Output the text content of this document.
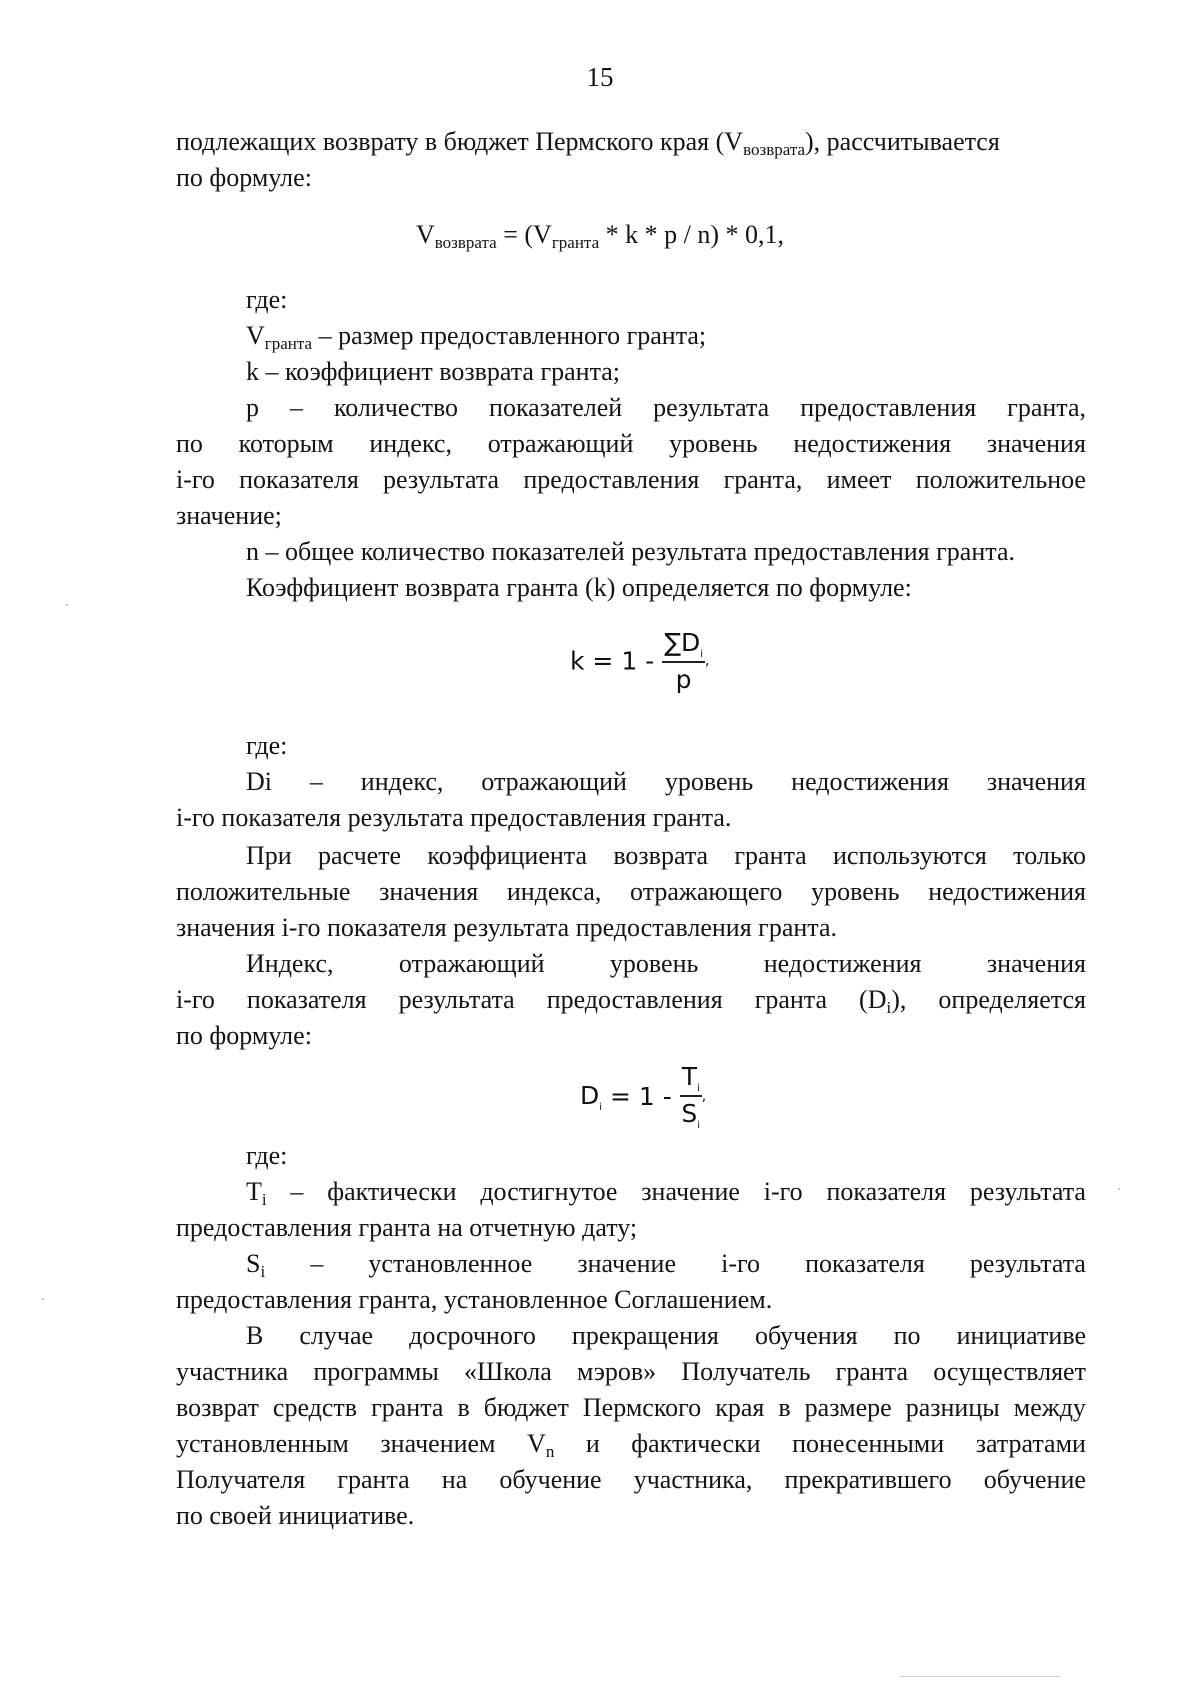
15
подлежащих возврату в бюджет Пермского края $(V_{возврата})$, рассчитывается
по формуле:
$V_{возврата} = (V_{гранта} * k * p / n) * 0,1$,
где:
$V_{гранта}$ – размер предоставленного гранта;
k – коэффициент возврата гранта;
p – количество показателей результата предоставления гранта,
по которым индекс, отражающий уровень недостижения значения
i-го показателя результата предоставления гранта, имеет положительное
значение;
n – общее количество показателей результата предоставления гранта.
Коэффициент возврата гранта (k) определяется по формуле:
$k = 1 - \frac{\sum D_i}{p}$ ,
где:
Di – индекс, отражающий уровень недостижения значения
i-го показателя результата предоставления гранта.
При расчете коэффициента возврата гранта используются только
положительные значения индекса, отражающего уровень недостижения
значения i-го показателя результата предоставления гранта.
Индекс,	отражающий	уровень	недостижения	значения
i-го показателя результата предоставления гранта $(D_i)$, определяется
по формуле:
$D_i = 1 - \frac{T_i}{S_i}$ ,
где:
$T_i$ – фактически достигнутое значение i-го показателя результата
предоставления гранта на отчетную дату;
$S_i$ – установленное значение i-го показателя результата
предоставления гранта, установленное Соглашением.
В случае досрочного прекращения обучения по инициативе
участника программы «Школа мэров» Получатель гранта осуществляет
возврат средств гранта в бюджет Пермского края в размере разницы между
установленным значением $V_n$ и фактически понесенными затратами
Получателя гранта на обучение участника, прекратившего обучение
по своей инициативе.
